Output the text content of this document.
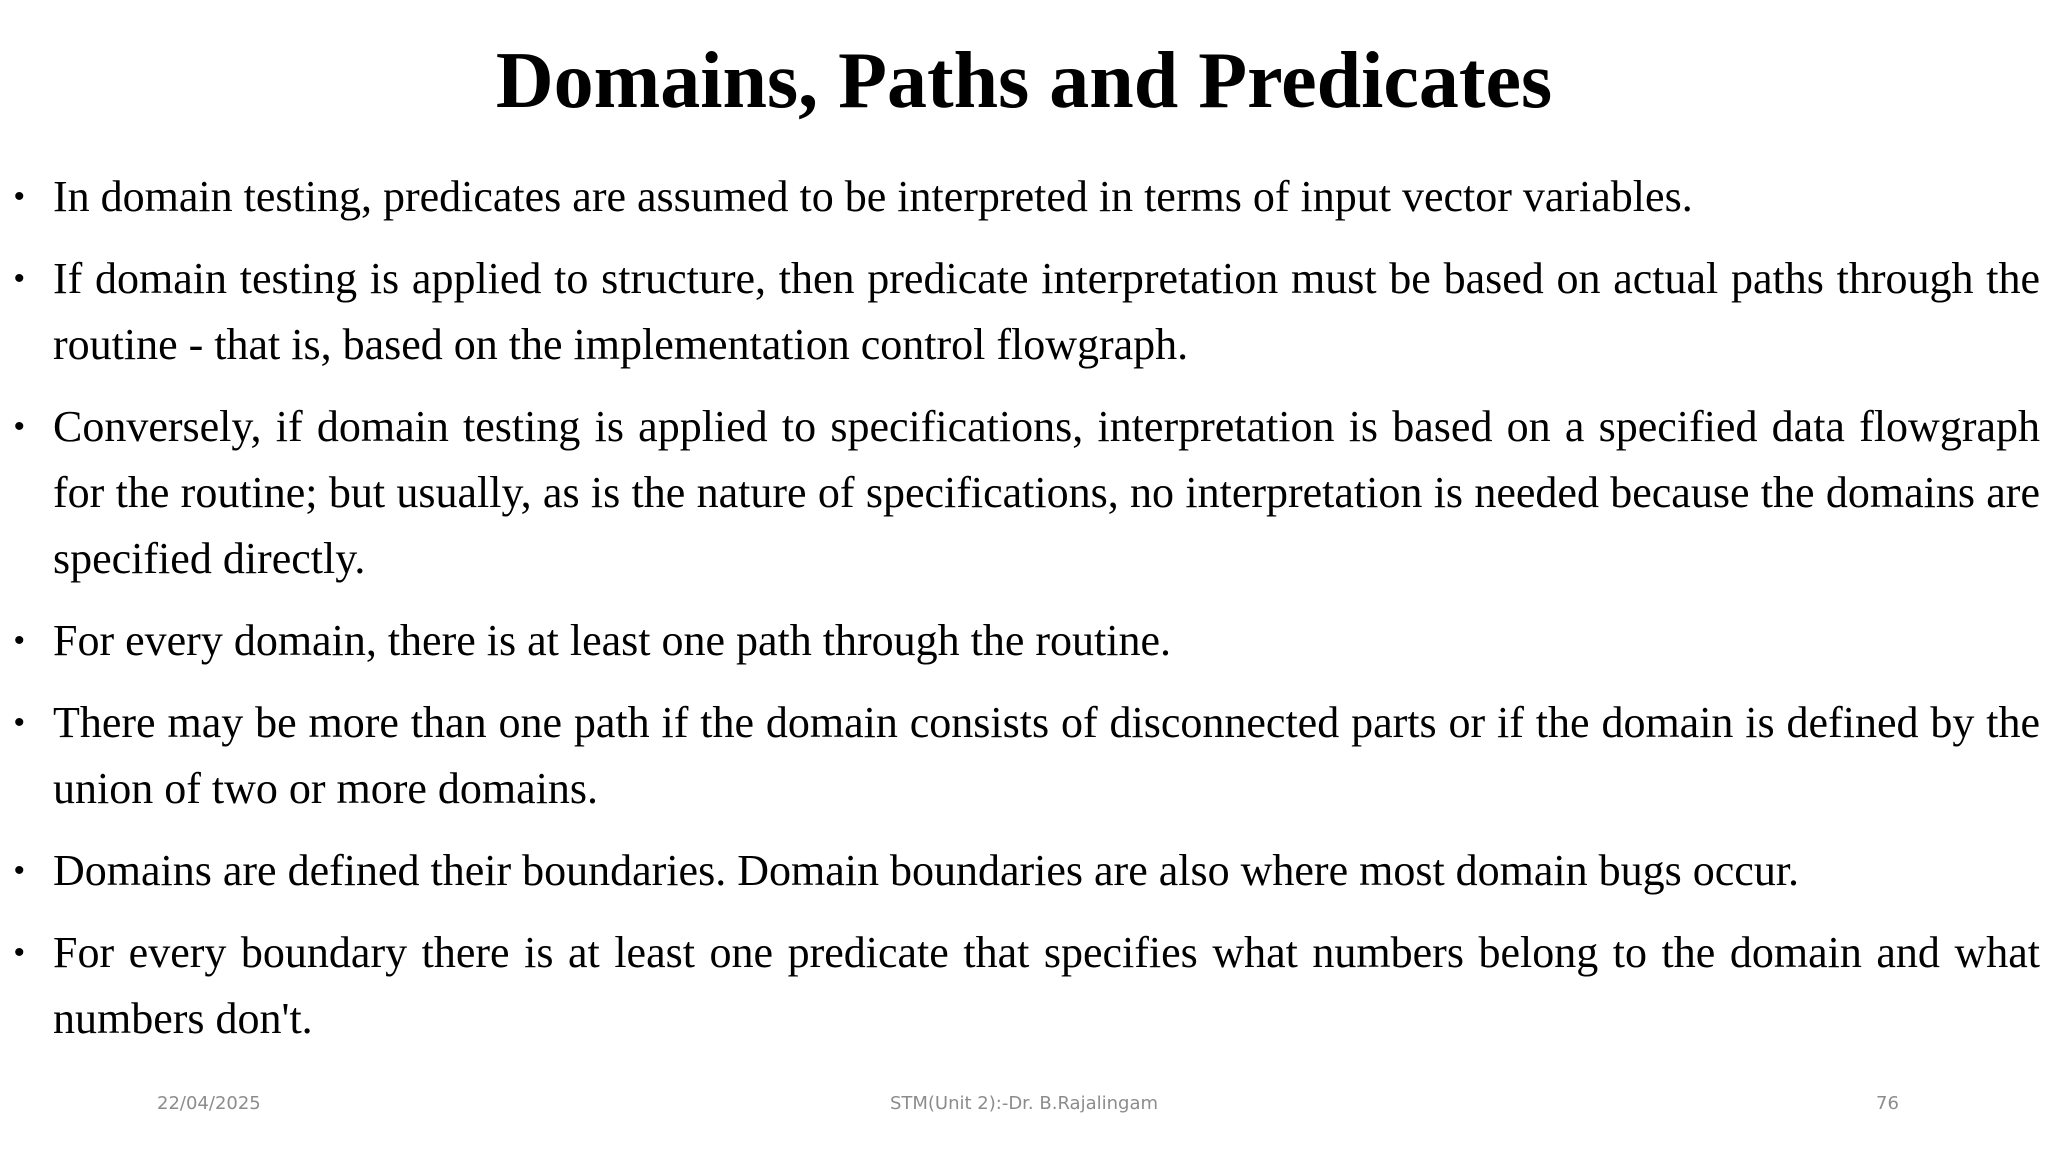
Domains, Paths and Predicates
• In domain testing, predicates are assumed to be interpreted in terms of input vector variables.
• If domain testing is applied to structure, then predicate interpretation must be based on actual paths through the routine - that is, based on the implementation control flowgraph.
• Conversely, if domain testing is applied to specifications, interpretation is based on a specified data flowgraph for the routine; but usually, as is the nature of specifications, no interpretation is needed because the domains are specified directly.
• For every domain, there is at least one path through the routine.
• There may be more than one path if the domain consists of disconnected parts or if the domain is defined by the union of two or more domains.
• Domains are defined their boundaries. Domain boundaries are also where most domain bugs occur.
• For every boundary there is at least one predicate that specifies what numbers belong to the domain and what numbers don't.
22/04/2025	STM(Unit 2):-Dr. B.Rajalingam	76
